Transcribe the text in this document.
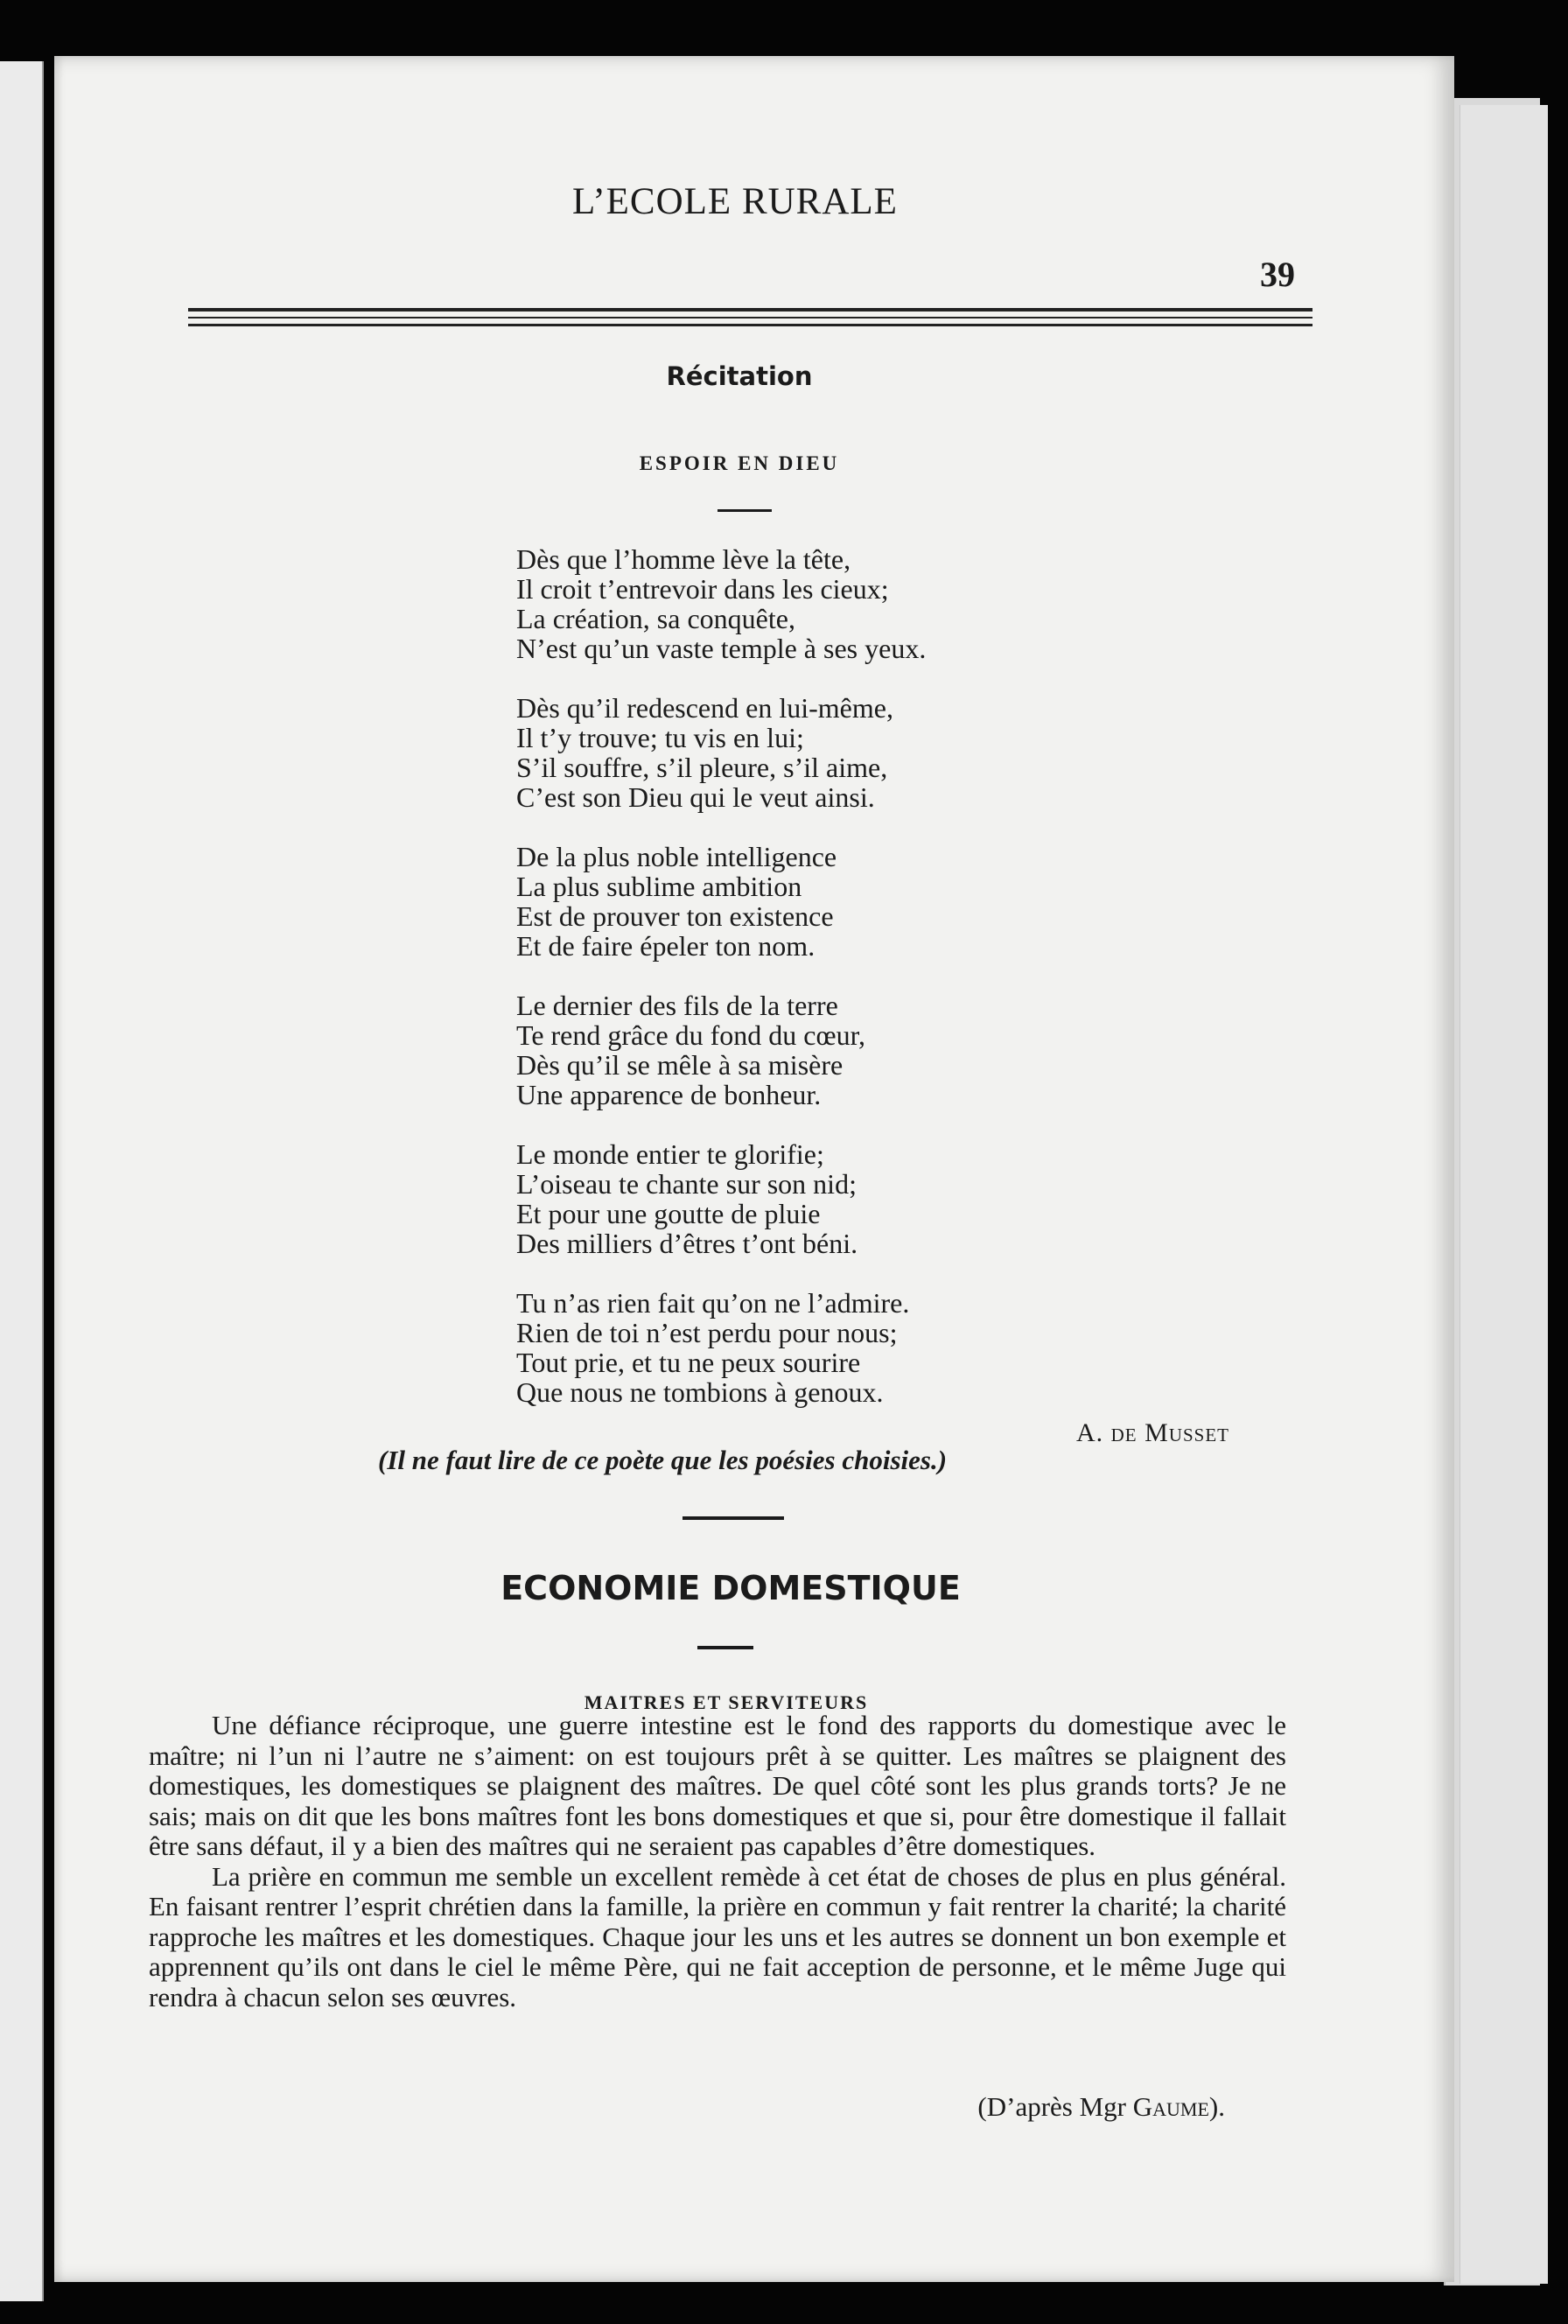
L’ECOLE RURALE
39
Récitation
ESPOIR EN DIEU
Dès que l’homme lève la tête,
Il croit t’entrevoir dans les cieux;
La création, sa conquête,
N’est qu’un vaste temple à ses yeux.
Dès qu’il redescend en lui-même,
Il t’y trouve; tu vis en lui;
S’il souffre, s’il pleure, s’il aime,
C’est son Dieu qui le veut ainsi.
De la plus noble intelligence
La plus sublime ambition
Est de prouver ton existence
Et de faire épeler ton nom.
Le dernier des fils de la terre
Te rend grâce du fond du cœur,
Dès qu’il se mêle à sa misère
Une apparence de bonheur.
Le monde entier te glorifie;
L’oiseau te chante sur son nid;
Et pour une goutte de pluie
Des milliers d’êtres t’ont béni.
Tu n’as rien fait qu’on ne l’admire.
Rien de toi n’est perdu pour nous;
Tout prie, et tu ne peux sourire
Que nous ne tombions à genoux.
A. de Musset
(Il ne faut lire de ce poète que les poésies choisies.)
ECONOMIE DOMESTIQUE
MAITRES ET SERVITEURS

Une défiance réciproque, une guerre intestine est le fond des rapports du domestique avec le maître; ni l’un ni l’autre ne s’aiment: on est toujours prêt à se quitter. Les maîtres se plaignent des domestiques, les domestiques se plaignent des maîtres. De quel côté sont les plus grands torts? Je ne sais; mais on dit que les bons maîtres font les bons domestiques et que si, pour être domestique il fallait être sans défaut, il y a bien des maîtres qui ne seraient pas capables d’être domestiques.

La prière en commun me semble un excellent remède à cet état de choses de plus en plus général. En faisant rentrer l’esprit chrétien dans la famille, la prière en commun y fait rentrer la charité; la charité rapproche les maîtres et les domestiques. Chaque jour les uns et les autres se donnent un bon exemple et apprennent qu’ils ont dans le ciel le même Père, qui ne fait acception de personne, et le même Juge qui rendra à chacun selon ses œuvres.

(D’après Mgr Gaume).
